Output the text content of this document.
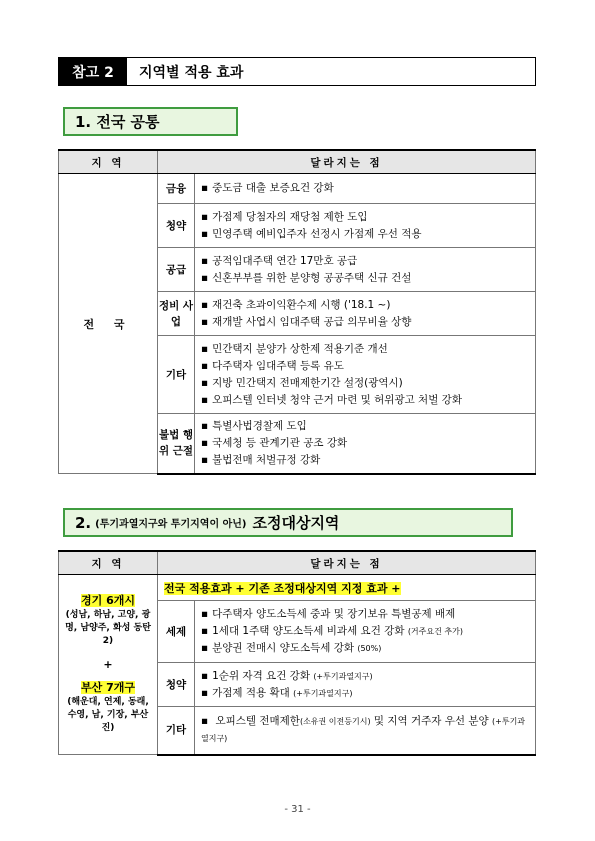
참고 2	지역별 적용 효과
1. 전국 공통
지 역	달라지는 점	
전 국	금융	▪ 중도금 대출 보증요건 강화

	청약	▪ 가점제 당첨자의 재당첨 제한 도입
▪ 민영주택 예비입주자 선정시 가점제 우선 적용

	공급	▪ 공적임대주택 연간 17만호 공급
▪ 신혼부부를 위한 분양형 공공주택 신규 건설

	정비 사업	▪ 재건축 초과이익환수제 시행 ('18.1 ~)
▪ 재개발 사업시 임대주택 공급 의무비율 상향

	기타	▪ 민간택지 분양가 상한제 적용기준 개선
▪ 다주택자 임대주택 등록 유도
▪ 지방 민간택지 전매제한기간 설정(광역시)
▪ 오피스텔 인터넷 청약 근거 마련 및 허위광고 처벌 강화

	불법 행위 근절	▪ 특별사법경찰제 도입
▪ 국세청 등 관계기관 공조 강화
▪ 불법전매 처벌규정 강화
2. (투기과열지구와 투기지역이 아닌) 조정대상지역
지 역	달라지는 점	

경기 6개시
(성남, 하남, 고양, 광명, 남양주, 화성 동탄2)
+
부산 7개구
(해운대, 연제, 동래, 수영, 남, 기장, 부산진)	전국 적용효과 + 기존 조정대상지역 지정 효과 +	
	세제	▪ 다주택자 양도소득세 중과 및 장기보유 특별공제 배제
▪ 1세대 1주택 양도소득세 비과세 요건 강화 (거주요건 추가)
▪ 분양권 전매시 양도소득세 강화 (50%)

	청약	▪ 1순위 자격 요건 강화 (+투기과열지구)
▪ 가점제 적용 확대 (+투기과열지구)

	기타	▪ 오피스텔 전매제한(소유권 이전등기시) 및 지역 거주자 우선 분양 (+투기과열지구)
- 31 -
